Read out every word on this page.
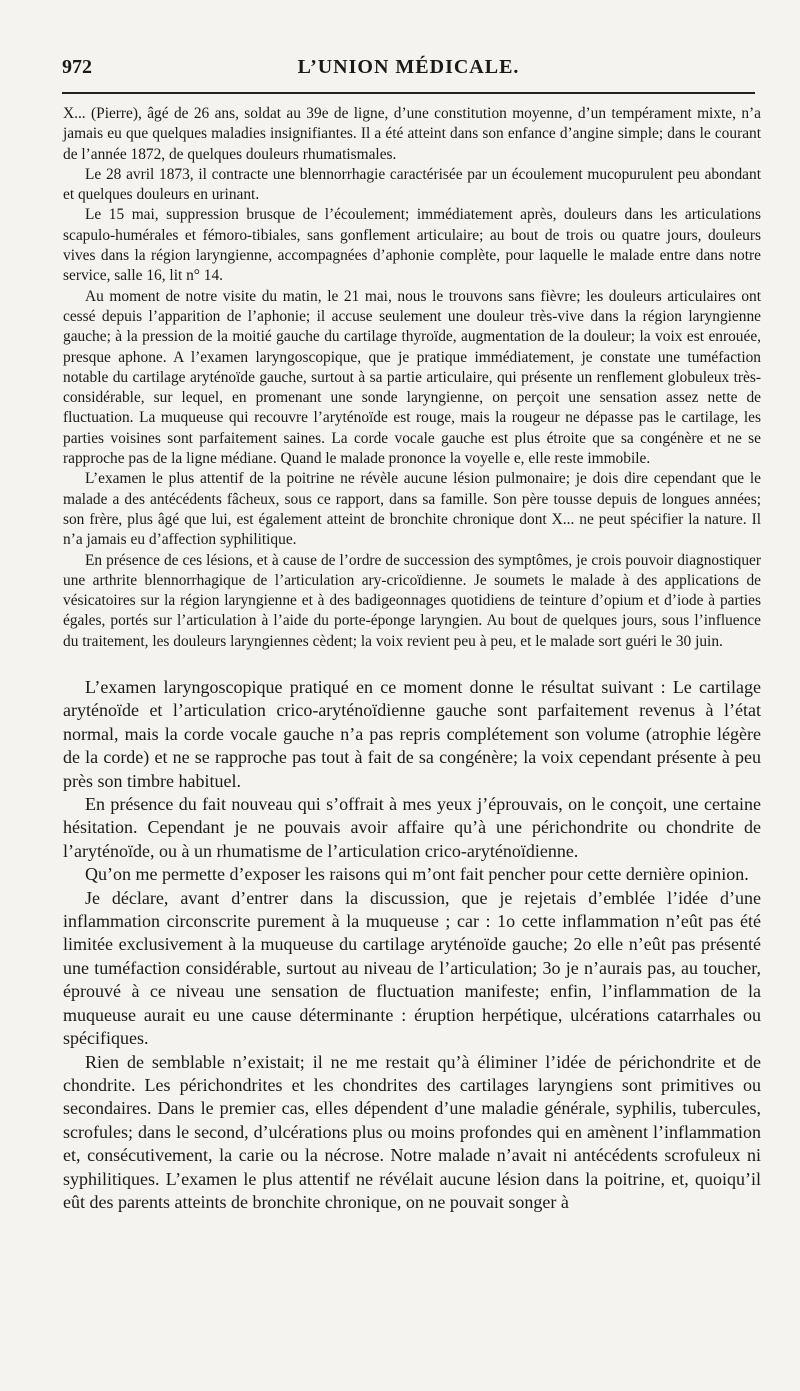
972	L’UNION MÉDICALE.

X... (Pierre), âgé de 26 ans, soldat au 39e de ligne, d’une constitution moyenne, d’un tempérament mixte, n’a jamais eu que quelques maladies insignifiantes. Il a été atteint dans son enfance d’angine simple; dans le courant de l’année 1872, de quelques douleurs rhumatismales.

Le 28 avril 1873, il contracte une blennorrhagie caractérisée par un écoulement mucopurulent peu abondant et quelques douleurs en urinant.

Le 15 mai, suppression brusque de l’écoulement; immédiatement après, douleurs dans les articulations scapulo-humérales et fémoro-tibiales, sans gonflement articulaire; au bout de trois ou quatre jours, douleurs vives dans la région laryngienne, accompagnées d’aphonie complète, pour laquelle le malade entre dans notre service, salle 16, lit n° 14.

Au moment de notre visite du matin, le 21 mai, nous le trouvons sans fièvre; les douleurs articulaires ont cessé depuis l’apparition de l’aphonie; il accuse seulement une douleur très-vive dans la région laryngienne gauche; à la pression de la moitié gauche du cartilage thyroïde, augmentation de la douleur; la voix est enrouée, presque aphone. A l’examen laryngoscopique, que je pratique immédiatement, je constate une tuméfaction notable du cartilage aryténoïde gauche, surtout à sa partie articulaire, qui présente un renflement globuleux très-considérable, sur lequel, en promenant une sonde laryngienne, on perçoit une sensation assez nette de fluctuation. La muqueuse qui recouvre l’aryténoïde est rouge, mais la rougeur ne dépasse pas le cartilage, les parties voisines sont parfaitement saines. La corde vocale gauche est plus étroite que sa congénère et ne se rapproche pas de la ligne médiane. Quand le malade prononce la voyelle e, elle reste immobile.

L’examen le plus attentif de la poitrine ne révèle aucune lésion pulmonaire; je dois dire cependant que le malade a des antécédents fâcheux, sous ce rapport, dans sa famille. Son père tousse depuis de longues années; son frère, plus âgé que lui, est également atteint de bronchite chronique dont X... ne peut spécifier la nature. Il n’a jamais eu d’affection syphilitique.

En présence de ces lésions, et à cause de l’ordre de succession des symptômes, je crois pouvoir diagnostiquer une arthrite blennorrhagique de l’articulation ary-cricoïdienne. Je soumets le malade à des applications de vésicatoires sur la région laryngienne et à des badigeonnages quotidiens de teinture d’opium et d’iode à parties égales, portés sur l’articulation à l’aide du porte-éponge laryngien. Au bout de quelques jours, sous l’influence du traitement, les douleurs laryngiennes cèdent; la voix revient peu à peu, et le malade sort guéri le 30 juin.

L’examen laryngoscopique pratiqué en ce moment donne le résultat suivant : Le cartilage aryténoïde et l’articulation crico-aryténoïdienne gauche sont parfaitement revenus à l’état normal, mais la corde vocale gauche n’a pas repris complétement son volume (atrophie légère de la corde) et ne se rapproche pas tout à fait de sa congénère; la voix cependant présente à peu près son timbre habituel.

En présence du fait nouveau qui s’offrait à mes yeux j’éprouvais, on le conçoit, une certaine hésitation. Cependant je ne pouvais avoir affaire qu’à une périchondrite ou chondrite de l’aryténoïde, ou à un rhumatisme de l’articulation crico-aryténoïdienne.

Qu’on me permette d’exposer les raisons qui m’ont fait pencher pour cette dernière opinion.

Je déclare, avant d’entrer dans la discussion, que je rejetais d’emblée l’idée d’une inflammation circonscrite purement à la muqueuse ; car : 1o cette inflammation n’eût pas été limitée exclusivement à la muqueuse du cartilage aryténoïde gauche; 2o elle n’eût pas présenté une tuméfaction considérable, surtout au niveau de l’articulation; 3o je n’aurais pas, au toucher, éprouvé à ce niveau une sensation de fluctuation manifeste; enfin, l’inflammation de la muqueuse aurait eu une cause déterminante : éruption herpétique, ulcérations catarrhales ou spécifiques.

Rien de semblable n’existait; il ne me restait qu’à éliminer l’idée de périchondrite et de chondrite. Les périchondrites et les chondrites des cartilages laryngiens sont primitives ou secondaires. Dans le premier cas, elles dépendent d’une maladie générale, syphilis, tubercules, scrofules; dans le second, d’ulcérations plus ou moins profondes qui en amènent l’inflammation et, consécutivement, la carie ou la nécrose. Notre malade n’avait ni antécédents scrofuleux ni syphilitiques. L’examen le plus attentif ne révélait aucune lésion dans la poitrine, et, quoiqu’il eût des parents atteints de bronchite chronique, on ne pouvait songer à
